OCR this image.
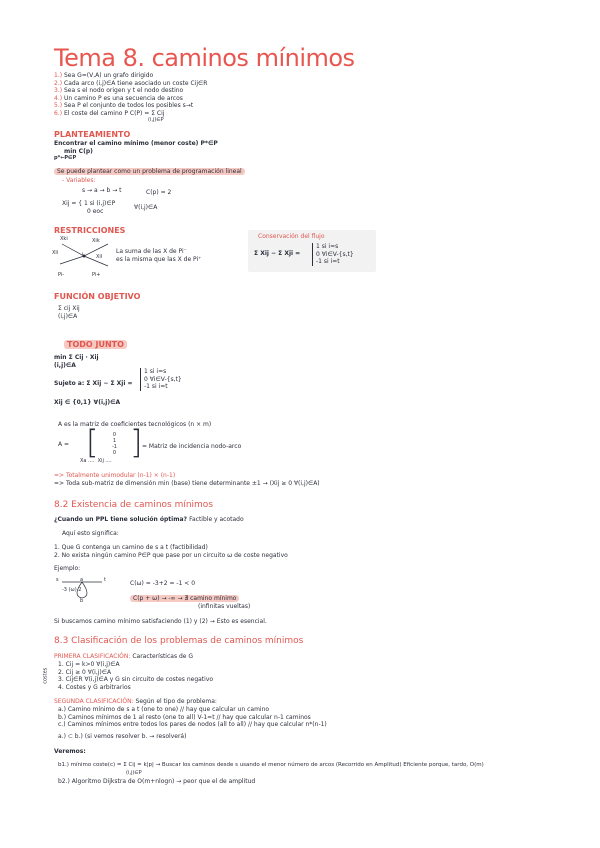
Tema 8. caminos mínimos
1.) Sea G=(V,A) un grafo dirigido
2.) Cada arco (i,j)∈A tiene asociado un coste Cij∈R
3.) Sea s el nodo origen y t el nodo destino
4.) Un camino P es una secuencia de arcos
5.) Sea P el conjunto de todos los posibles s→t
6.) El coste del camino P C(P) = Σ Cij
(i,j)∈P
PLANTEAMIENTO
Encontrar el camino mínimo (menor coste) P*∈P
min C(p)
p*←P∈P
Se puede plantear como un problema de programación lineal
- Variables:
s → a → b → t	C(p) = 2
Xij = { 1 si (i,j)∈P
0 eoc	∀(i,j)∈A
RESTRICCIONES
Xki	Xik
Xli
Xil
i
Pi-	Pi+
La suma de las X de Pi⁻
es la misma que las X de Pi⁺
Conservación del flujo
Σ Xij − Σ Xji =
1 si i=s
0 ∀i∈V-{s,t}
-1 si i=t
FUNCIÓN OBJETIVO
Σ cij Xij
(i,j)∈A
TODO JUNTO
min Σ Cij · Xij
(i,j)∈A
Sujeto a: Σ Xij − Σ Xji =
1 si i=s
0 ∀i∈V-{s,t}
-1 si i=t
Xij ∈ {0,1} ∀(i,j)∈A
A es la matriz de coeficientes tecnológicos (n × m)
A = [	0
1
-1
0 ]
Xa .... Xij ....
= Matriz de incidencia nodo-arco
=> Totalmente unimodular (n-1) × (n-1)
=> Toda sub-matriz de dimensión min (base) tiene determinante ±1 → (Xij ≥ 0 ∀(i,j)∈A)
8.2 Existencia de caminos mínimos
¿Cuando un PPL tiene solución óptima? Factible y acotado
Aquí esto significa:
1. Que G contenga un camino de s a t (factibilidad)
2. No exista ningún camino P∈P que pase por un circuito ω de coste negativo
Ejemplo:
s	a	t
b
-3 (ω) 2
C(ω) = -3+2 = -1 < 0
C(p + ω) → -∞ → ∄ camino mínimo
(infinitas vueltas)
Si buscamos camino mínimo satisfaciendo (1) y (2) → Esto es esencial.
8.3 Clasificación de los problemas de caminos mínimos
PRIMERA CLASIFICACIÓN: Características de G
costes
1. Cij = k>0 ∀(i,j)∈A
2. Cij ≥ 0 ∀(i,j)∈A
3. Cij∈R ∀(i,j)∈A y G sin circuito de costes negativo
4. Costes y G arbitrarios
SEGUNDA CLASIFICACIÓN: Según el tipo de problema:
a.) Camino mínimo de s a t (one to one) // hay que calcular un camino
b.) Caminos mínimos de 1 al resto (one to all) V-1=t // hay que calcular n-1 caminos
c.) Caminos mínimos entre todos los pares de nodos (all to all) // hay que calcular n*(n-1)
a.) ⊂ b.) (si vemos resolver b. → resolverá)
Veremos:
b1.) mínimo coste(c) = Σ Cij = k|p| → Buscar los caminos desde s usando el menor número de arcos (Recorrido en Amplitud) Eficiente porque, tardo, O(m)
(i,j)∈P
b2.) Algoritmo Dijkstra de O(m+nlogn) → peor que el de amplitud
